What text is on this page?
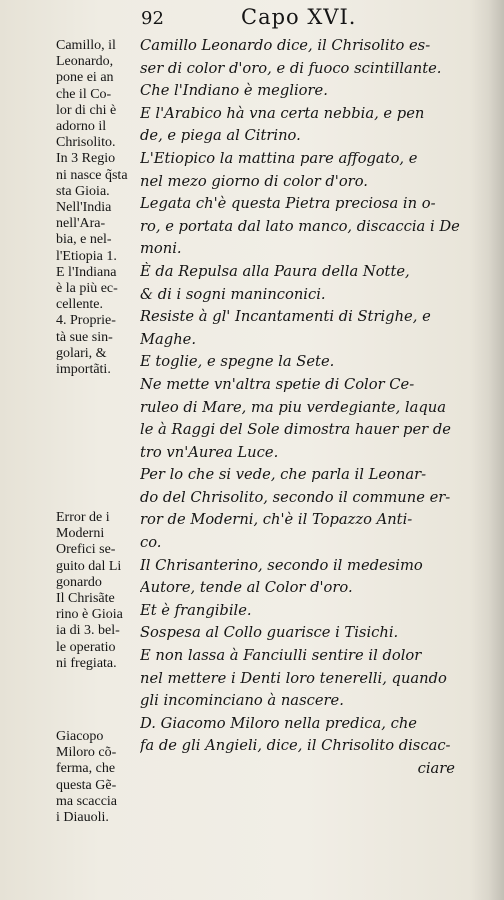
92	Capo XVI.
Camillo, il
Leonardo,
pone ei an
che il Co-
lor di chi è
adorno il
Chrisolito.
In 3 Regio
ni nasce q̃sta
sta Gioia.
Nell'India
nell'Ara-
bia, e nel-
l'Etiopia 1.
E l'Indiana
è la più ec-
cellente.
4. Proprie-
tà sue sin-
golari, &
importãti.
Error de i
Moderni
Orefici se-
guito dal Li
gonardo
Il Chrisãte
rino è Gioia
ia di 3. bel-
le operatio
ni fregiata.
Giacopo
Miloro cõ-
ferma, che
questa Gẽ-
ma scaccia
i Diauoli.
Camillo Leonardo dice, il Chrisolito es-
ser di color d'oro, e di fuoco scintillante.
Che l'Indiano è megliore.
E l'Arabico hà vna certa nebbia, e pen
de, e piega al Citrino.
L'Etiopico la mattina pare affogato, e
nel mezo giorno di color d'oro.
Legata ch'è questa Pietra preciosa in o-
ro, e portata dal lato manco, discaccia i De
moni.
È da Repulsa alla Paura della Notte,
& di i sogni maninconici.
Resiste à gl' Incantamenti di Strighe, e
Maghe.
E toglie, e spegne la Sete.
Ne mette vn'altra spetie di Color Ce-
ruleo di Mare, ma piu verdegiante, laqua
le à Raggi del Sole dimostra hauer per de
tro vn'Aurea Luce.
Per lo che si vede, che parla il Leonar-
do del Chrisolito, secondo il commune er-
ror de Moderni, ch'è il Topazzo Anti-
co.
Il Chrisanterino, secondo il medesimo
Autore, tende al Color d'oro.
Et è frangibile.
Sospesa al Collo guarisce i Tisichi.
E non lassa à Fanciulli sentire il dolor
nel mettere i Denti loro tenerelli, quando
gli incominciano à nascere.
D. Giacomo Miloro nella predica, che
fa de gli Angieli, dice, il Chrisolito discac-
ciare
